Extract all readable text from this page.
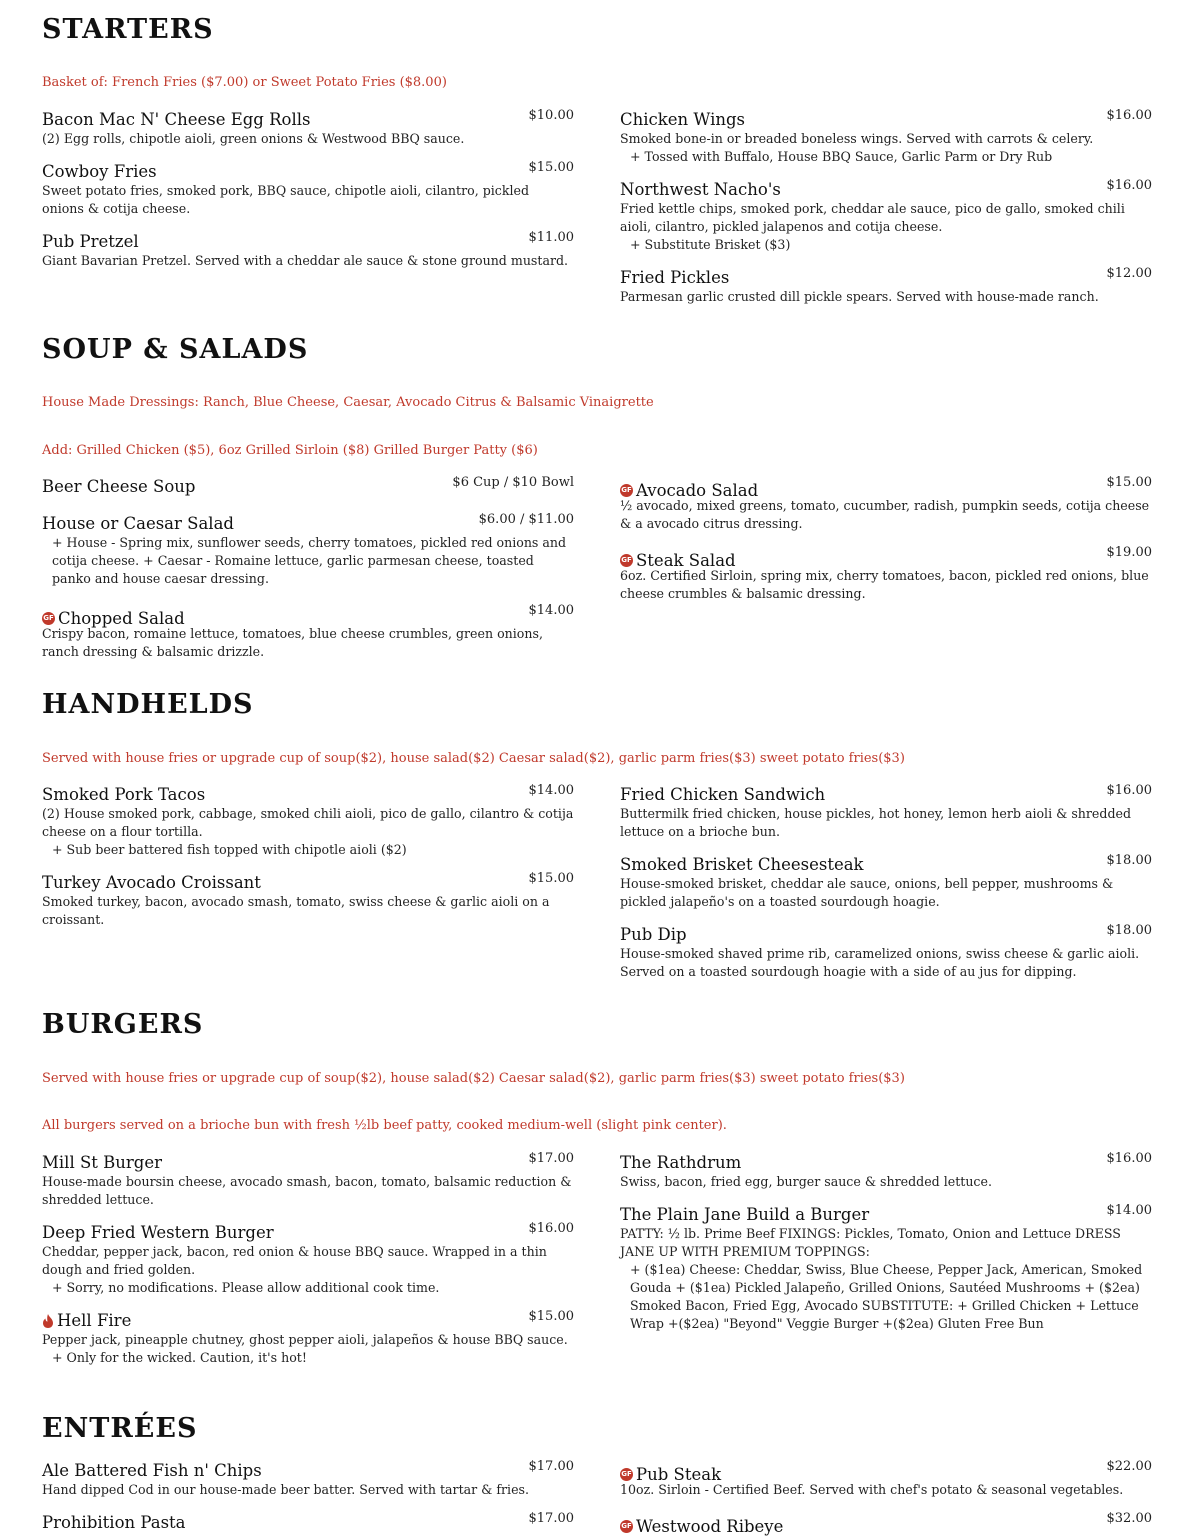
STARTERS

Basket of: French Fries ($7.00) or Sweet Potato Fries ($8.00)

Bacon Mac N' Cheese Egg Rolls	$10.00

(2) Egg rolls, chipotle aioli, green onions & Westwood BBQ sauce.

Cowboy Fries	$15.00

Sweet potato fries, smoked pork, BBQ sauce, chipotle aioli, cilantro, pickled onions & cotija cheese.

Pub Pretzel	$11.00

Giant Bavarian Pretzel. Served with a cheddar ale sauce & stone ground mustard.

Chicken Wings	$16.00

Smoked bone-in or breaded boneless wings. Served with carrots & celery.

+ Tossed with Buffalo, House BBQ Sauce, Garlic Parm or Dry Rub

Northwest Nacho's	$16.00

Fried kettle chips, smoked pork, cheddar ale sauce, pico de gallo, smoked chili aioli, cilantro, pickled jalapenos and cotija cheese.

+ Substitute Brisket ($3)

Fried Pickles	$12.00

Parmesan garlic crusted dill pickle spears. Served with house-made ranch.

SOUP & SALADS

House Made Dressings: Ranch, Blue Cheese, Caesar, Avocado Citrus & Balsamic Vinaigrette

Add: Grilled Chicken ($5), 6oz Grilled Sirloin ($8) Grilled Burger Patty ($6)

Beer Cheese Soup	$6 Cup / $10 Bowl
House or Caesar Salad	$6.00 / $11.00

+ House - Spring mix, sunflower seeds, cherry tomatoes, pickled red onions and cotija cheese. + Caesar - Romaine lettuce, garlic parmesan cheese, toasted panko and house caesar dressing.

GF Chopped Salad	$14.00

Crispy bacon, romaine lettuce, tomatoes, blue cheese crumbles, green onions, ranch dressing & balsamic drizzle.

GF Avocado Salad	$15.00

½ avocado, mixed greens, tomato, cucumber, radish, pumpkin seeds, cotija cheese & a avocado citrus dressing.

GF Steak Salad	$19.00

6oz. Certified Sirloin, spring mix, cherry tomatoes, bacon, pickled red onions, blue cheese crumbles & balsamic dressing.

HANDHELDS

Served with house fries or upgrade cup of soup($2), house salad($2) Caesar salad($2), garlic parm fries($3) sweet potato fries($3)

Smoked Pork Tacos	$14.00

(2) House smoked pork, cabbage, smoked chili aioli, pico de gallo, cilantro & cotija cheese on a flour tortilla.

+ Sub beer battered fish topped with chipotle aioli ($2)

Turkey Avocado Croissant	$15.00

Smoked turkey, bacon, avocado smash, tomato, swiss cheese & garlic aioli on a croissant.

Fried Chicken Sandwich	$16.00

Buttermilk fried chicken, house pickles, hot honey, lemon herb aioli & shredded lettuce on a brioche bun.

Smoked Brisket Cheesesteak	$18.00

House-smoked brisket, cheddar ale sauce, onions, bell pepper, mushrooms & pickled jalapeño's on a toasted sourdough hoagie.

Pub Dip	$18.00

House-smoked shaved prime rib, caramelized onions, swiss cheese & garlic aioli. Served on a toasted sourdough hoagie with a side of au jus for dipping.

BURGERS

Served with house fries or upgrade cup of soup($2), house salad($2) Caesar salad($2), garlic parm fries($3) sweet potato fries($3)

All burgers served on a brioche bun with fresh ½lb beef patty, cooked medium-well (slight pink center).

Mill St Burger	$17.00

House-made boursin cheese, avocado smash, bacon, tomato, balsamic reduction & shredded lettuce.

Deep Fried Western Burger	$16.00

Cheddar, pepper jack, bacon, red onion & house BBQ sauce. Wrapped in a thin dough and fried golden.

+ Sorry, no modifications. Please allow additional cook time.

Hell Fire	$15.00

Pepper jack, pineapple chutney, ghost pepper aioli, jalapeños & house BBQ sauce.

+ Only for the wicked. Caution, it's hot!

The Rathdrum	$16.00

Swiss, bacon, fried egg, burger sauce & shredded lettuce.

The Plain Jane Build a Burger	$14.00

PATTY: ½ lb. Prime Beef FIXINGS: Pickles, Tomato, Onion and Lettuce DRESS JANE UP WITH PREMIUM TOPPINGS:

+ ($1ea) Cheese: Cheddar, Swiss, Blue Cheese, Pepper Jack, American, Smoked Gouda + ($1ea) Pickled Jalapeño, Grilled Onions, Sautéed Mushrooms + ($2ea) Smoked Bacon, Fried Egg, Avocado SUBSTITUTE: + Grilled Chicken + Lettuce Wrap +($2ea) "Beyond" Veggie Burger +($2ea) Gluten Free Bun

ENTRÉES
Ale Battered Fish n' Chips	$17.00

Hand dipped Cod in our house-made beer batter. Served with tartar & fries.

Prohibition Pasta	$17.00
GF Pub Steak	$22.00

10oz. Sirloin - Certified Beef. Served with chef's potato & seasonal vegetables.

GF Westwood Ribeye	$32.00
